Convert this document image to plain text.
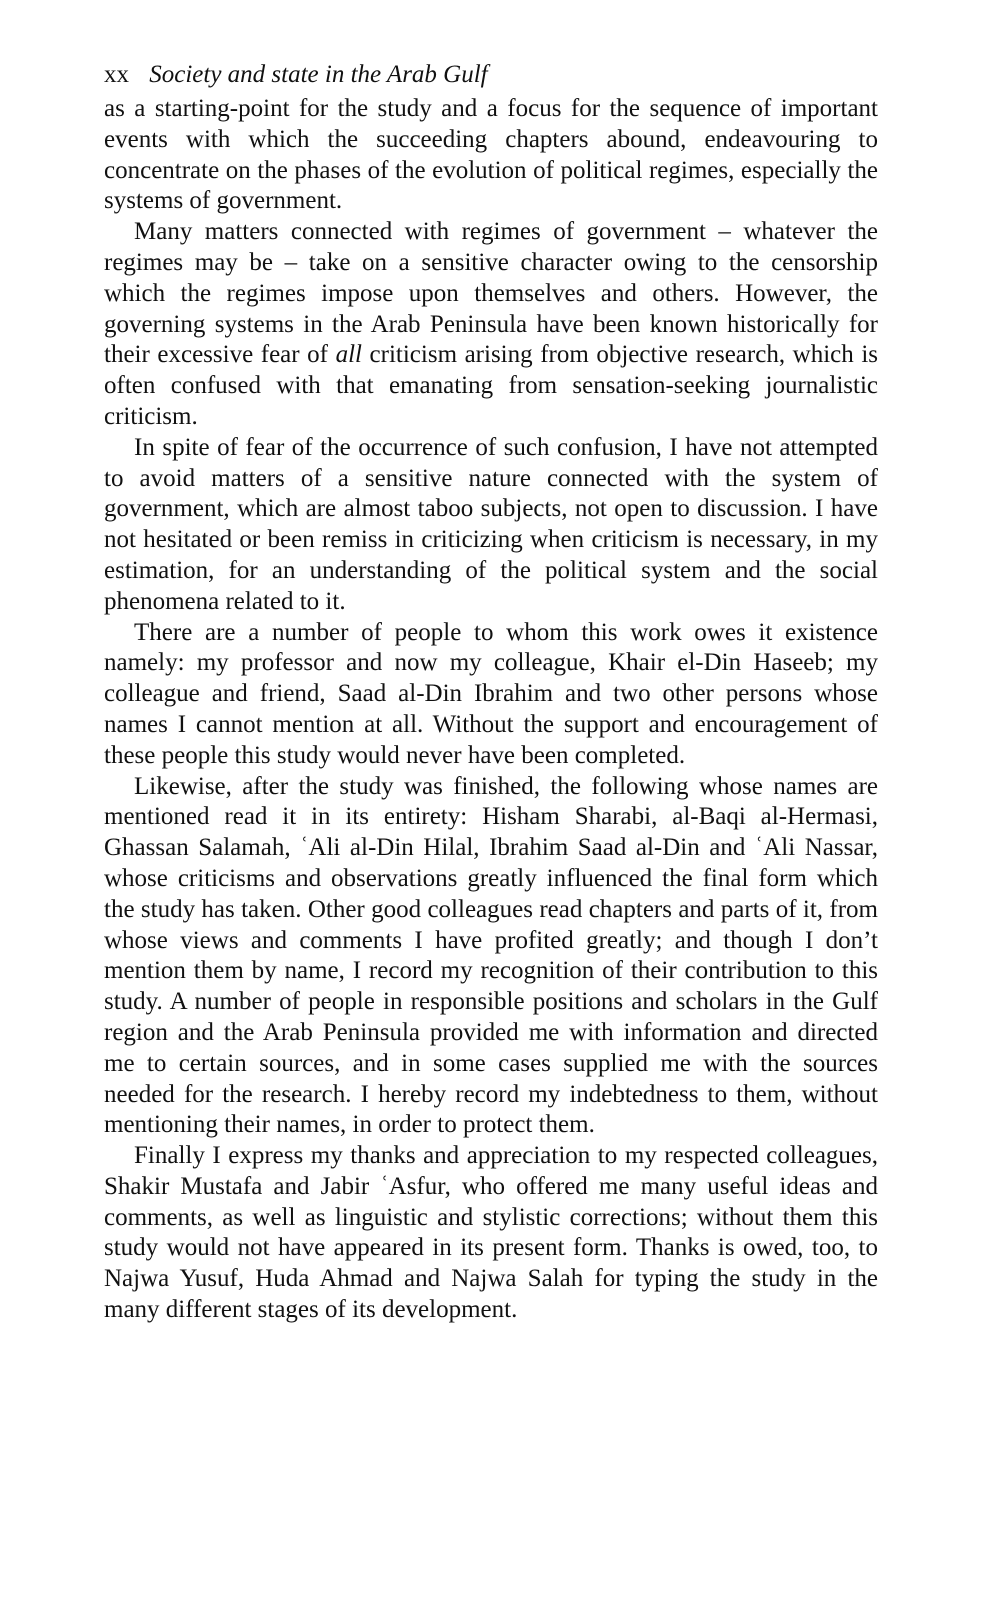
xx Society and state in the Arab Gulf

as a starting-point for the study and a focus for the sequence of important events with which the succeeding chapters abound, endeavouring to concentrate on the phases of the evolution of political regimes, especially the systems of government.

Many matters connected with regimes of government – whatever the regimes may be – take on a sensitive character owing to the censorship which the regimes impose upon themselves and others. However, the governing systems in the Arab Peninsula have been known historically for their excessive fear of all criticism arising from objective research, which is often confused with that emanating from sensation-seeking journalistic criticism.

In spite of fear of the occurrence of such confusion, I have not attempted to avoid matters of a sensitive nature connected with the system of government, which are almost taboo subjects, not open to discussion. I have not hesitated or been remiss in criticizing when criticism is necessary, in my estimation, for an understanding of the political system and the social phenomena related to it.

There are a number of people to whom this work owes it existence namely: my professor and now my colleague, Khair el-Din Haseeb; my colleague and friend, Saad al-Din Ibrahim and two other persons whose names I cannot mention at all. Without the support and encouragement of these people this study would never have been completed.

Likewise, after the study was finished, the following whose names are mentioned read it in its entirety: Hisham Sharabi, al-Baqi al-Hermasi, Ghassan Salamah, ʿAli al-Din Hilal, Ibrahim Saad al-Din and ʿAli Nassar, whose criticisms and observations greatly influenced the final form which the study has taken. Other good colleagues read chapters and parts of it, from whose views and comments I have profited greatly; and though I don’t mention them by name, I record my recognition of their contribution to this study. A number of people in responsible positions and scholars in the Gulf region and the Arab Peninsula provided me with information and directed me to certain sources, and in some cases supplied me with the sources needed for the research. I hereby record my indebtedness to them, without mentioning their names, in order to protect them.

Finally I express my thanks and appreciation to my respected colleagues, Shakir Mustafa and Jabir ʿAsfur, who offered me many useful ideas and comments, as well as linguistic and stylistic corrections; without them this study would not have appeared in its present form. Thanks is owed, too, to Najwa Yusuf, Huda Ahmad and Najwa Salah for typing the study in the many different stages of its development.
